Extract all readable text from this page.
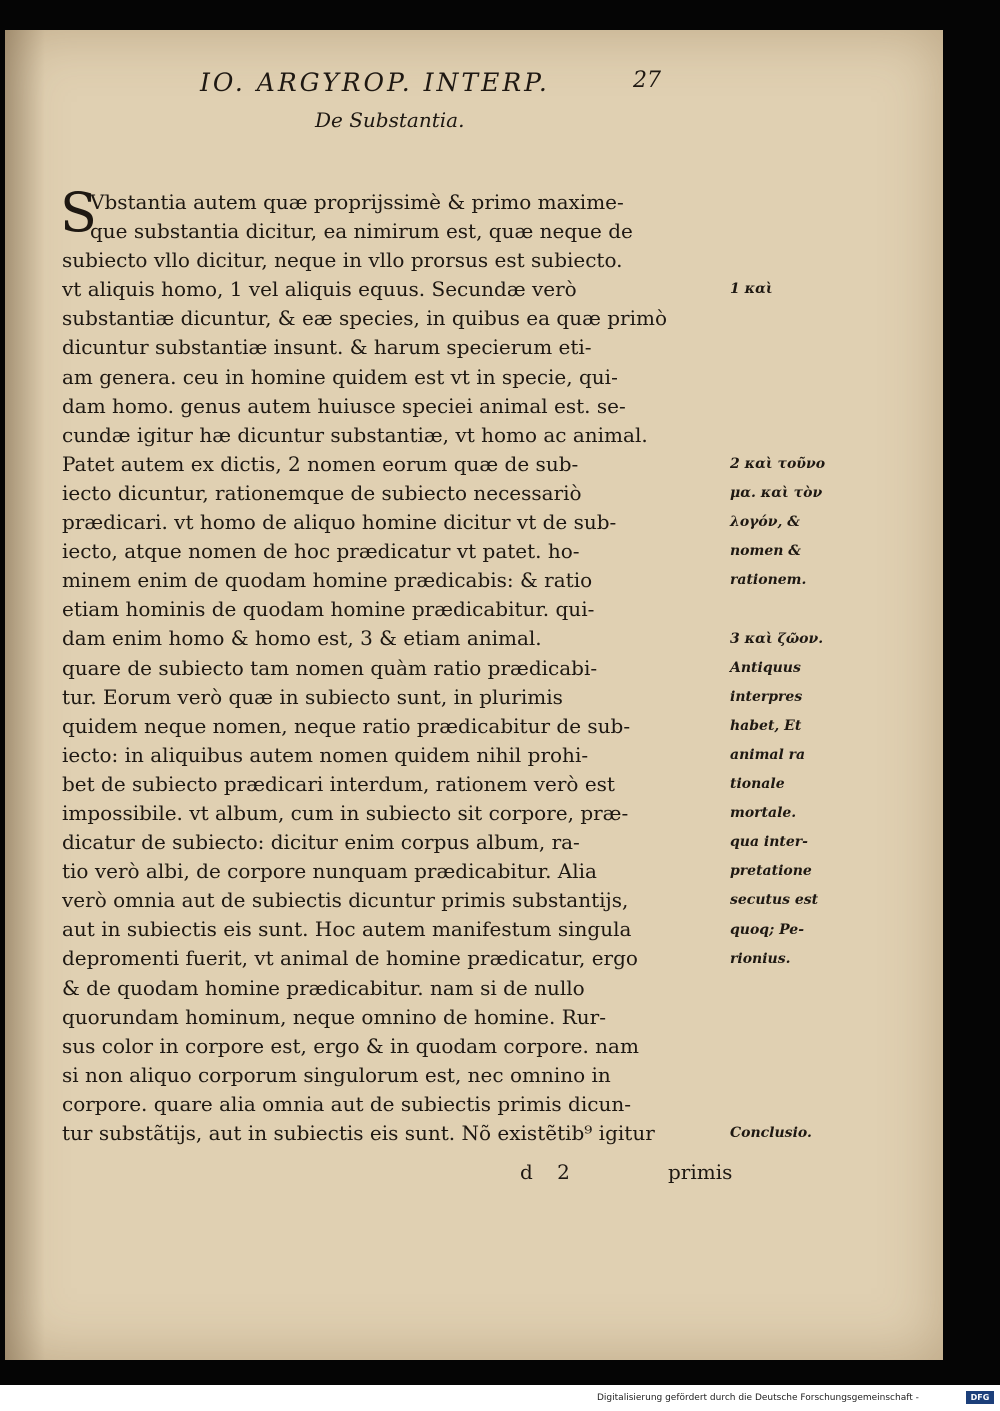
IO. ARGYROP. INTERP.	27
De Substantia.
S
Vbstantia autem quæ proprijssimè & primo maxime-
que substantia dicitur, ea nimirum est, quæ neque de
subiecto vllo dicitur, neque in vllo prorsus est subiecto.
vt aliquis homo, 1 vel aliquis equus. Secundæ verò
substantiæ dicuntur, & eæ species, in quibus ea quæ primò
dicuntur substantiæ insunt. & harum specierum eti-
am genera. ceu in homine quidem est vt in specie, qui-
dam homo. genus autem huiusce speciei animal est. se-
cundæ igitur hæ dicuntur substantiæ, vt homo ac animal.
Patet autem ex dictis, 2 nomen eorum quæ de sub-
iecto dicuntur, rationemque de subiecto necessariò
prædicari. vt homo de aliquo homine dicitur vt de sub-
iecto, atque nomen de hoc prædicatur vt patet. ho-
minem enim de quodam homine prædicabis: & ratio
etiam hominis de quodam homine prædicabitur. qui-
dam enim homo & homo est, 3 & etiam animal.
quare de subiecto tam nomen quàm ratio prædicabi-
tur. Eorum verò quæ in subiecto sunt, in plurimis
quidem neque nomen, neque ratio prædicabitur de sub-
iecto: in aliquibus autem nomen quidem nihil prohi-
bet de subiecto prædicari interdum, rationem verò est
impossibile. vt album, cum in subiecto sit corpore, præ-
dicatur de subiecto: dicitur enim corpus album, ra-
tio verò albi, de corpore nunquam prædicabitur. Alia
verò omnia aut de subiectis dicuntur primis substantijs,
aut in subiectis eis sunt. Hoc autem manifestum singula
depromenti fuerit, vt animal de homine prædicatur, ergo
& de quodam homine prædicabitur. nam si de nullo
quorundam hominum, neque omnino de homine. Rur-
sus color in corpore est, ergo & in quodam corpore. nam
si non aliquo corporum singulorum est, nec omnino in
corpore. quare alia omnia aut de subiectis primis dicun-
tur substãtijs, aut in subiectis eis sunt. Nõ existẽtib⁹ igitur
1 καὶ
2 καὶ τοῦνο
μα. καὶ τὸν
λογόν, &
nomen &
rationem.
3 καὶ ζῶον.
Antiquus
interpres
habet, Et
animal ra
tionale
mortale.
qua inter-
pretatione
secutus est
quoq; Pe-
rionius.
Conclusio.
d 2	primis
Digitalisierung gefördert durch die Deutsche Forschungsgemeinschaft -	DFG
